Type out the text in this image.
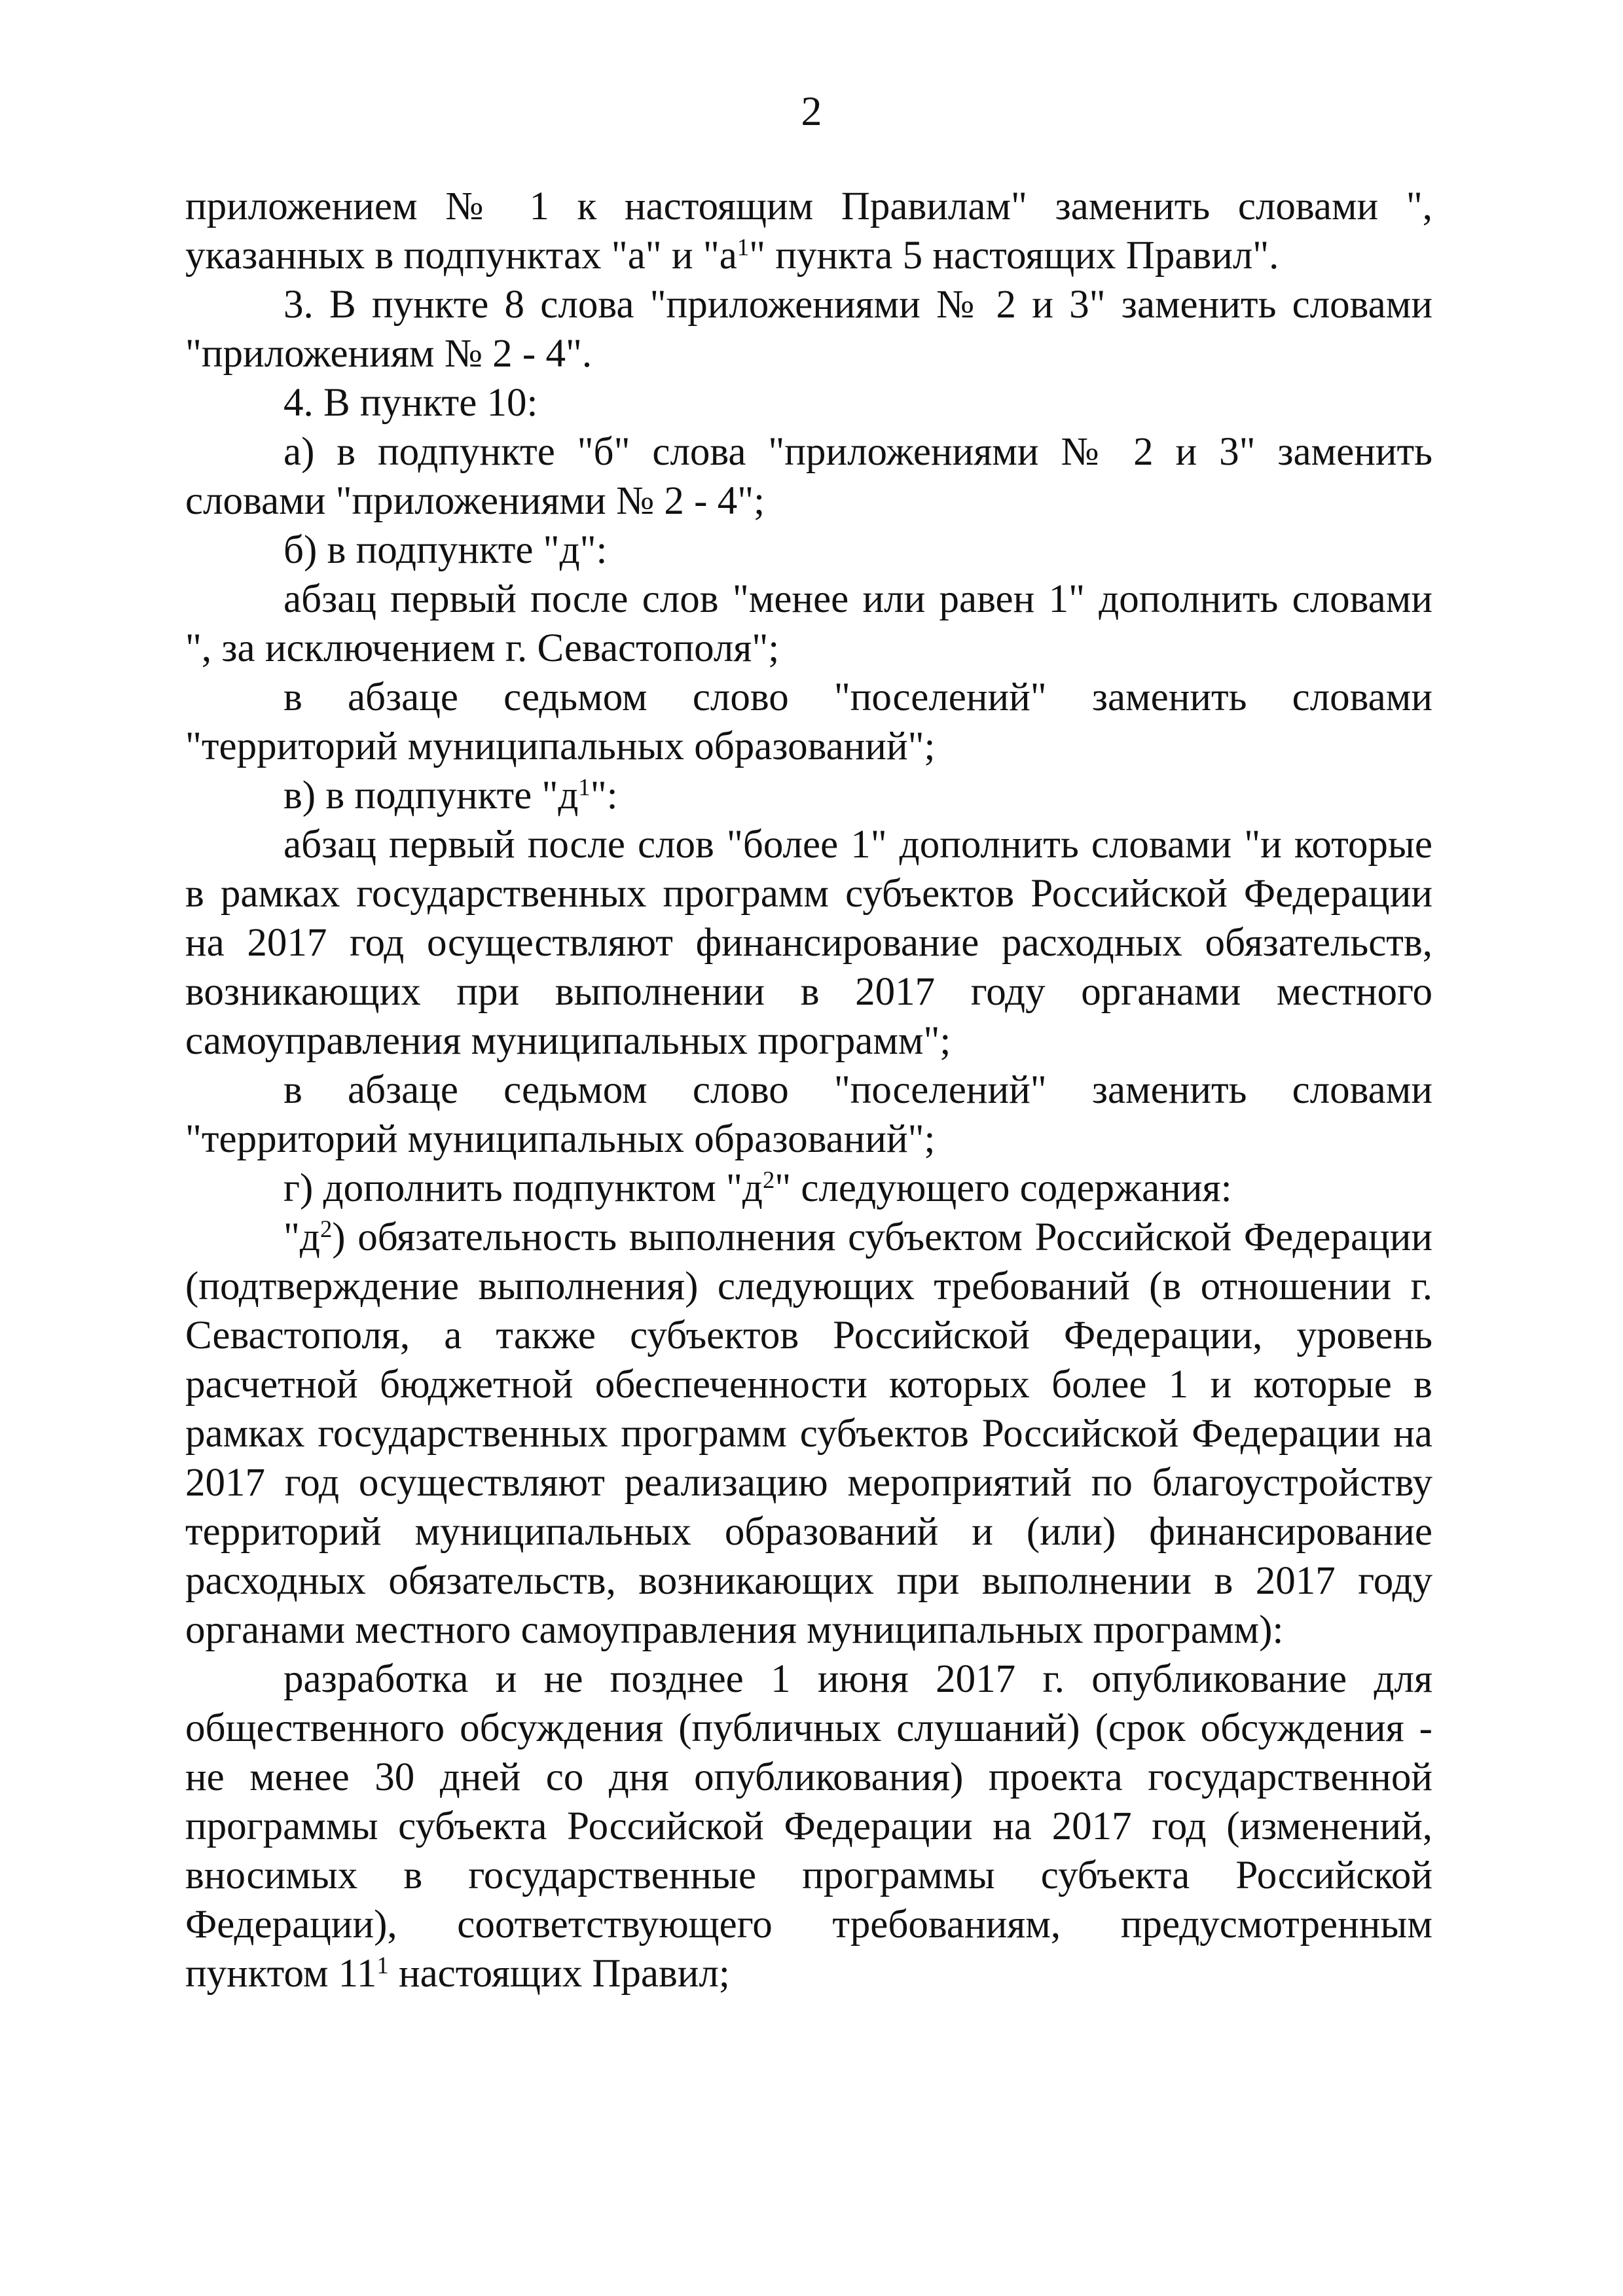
2

приложением № 1 к настоящим Правилам" заменить словами ", указанных в подпунктах "а" и "$а^1$" пункта 5 настоящих Правил".

3. В пункте 8 слова "приложениями № 2 и 3" заменить словами "приложениям № 2 - 4".

4. В пункте 10:

а) в подпункте "б" слова "приложениями № 2 и 3" заменить словами "приложениями № 2 - 4";

б) в подпункте "д":

абзац первый после слов "менее или равен 1" дополнить словами ", за исключением г. Севастополя";

в абзаце седьмом слово "поселений" заменить словами "территорий муниципальных образований";

в) в подпункте "$д^1$":

абзац первый после слов "более 1" дополнить словами "и которые в рамках государственных программ субъектов Российской Федерации на 2017 год осуществляют финансирование расходных обязательств, возникающих при выполнении в 2017 году органами местного самоуправления муниципальных программ";

в абзаце седьмом слово "поселений" заменить словами "территорий муниципальных образований";

г) дополнить подпунктом "$д^2$" следующего содержания:

"$д^2$) обязательность выполнения субъектом Российской Федерации (подтверждение выполнения) следующих требований (в отношении г. Севастополя, а также субъектов Российской Федерации, уровень расчетной бюджетной обеспеченности которых более 1 и которые в рамках государственных программ субъектов Российской Федерации на 2017 год осуществляют реализацию мероприятий по благоустройству территорий муниципальных образований и (или) финансирование расходных обязательств, возникающих при выполнении в 2017 году органами местного самоуправления муниципальных программ):

разработка и не позднее 1 июня 2017 г. опубликование для общественного обсуждения (публичных слушаний) (срок обсуждения - не менее 30 дней со дня опубликования) проекта государственной программы субъекта Российской Федерации на 2017 год (изменений, вносимых в государственные программы субъекта Российской Федерации), соответствующего требованиям, предусмотренным пунктом $11^1$ настоящих Правил;
